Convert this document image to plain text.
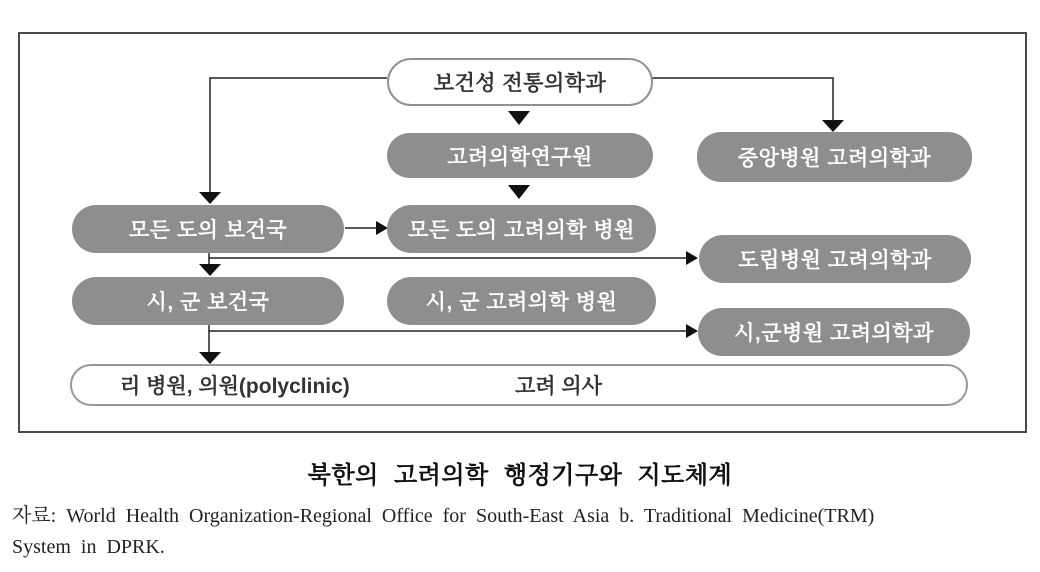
보건성 전통의학과
고려의학연구원	중앙병원 고려의학과
모든 도의 보건국	모든 도의 고려의학 병원
도립병원 고려의학과
시, 군 보건국	시, 군 고려의학 병원
시,군병원 고려의학과
리 병원, 의원(polyclinic)	고려 의사
북한의 고려의학 행정기구와 지도체계
자료: World Health Organization-Regional Office for South-East Asia b. Traditional Medicine(TRM)
System in DPRK.
